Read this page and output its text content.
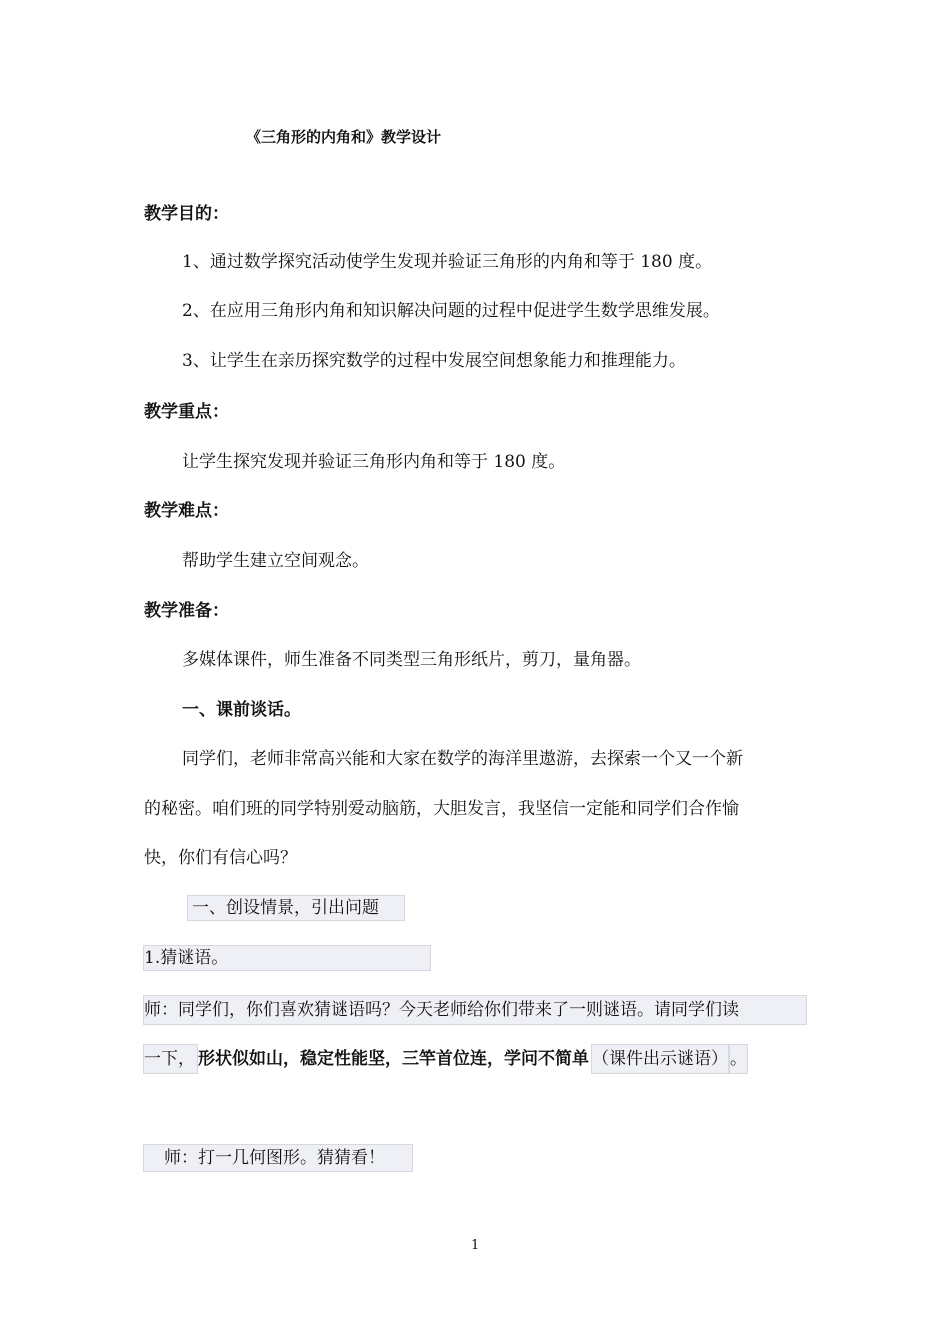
《三角形的内角和》教学设计
教学目的：
1、通过数学探究活动使学生发现并验证三角形的内角和等于 180 度。
2、在应用三角形内角和知识解决问题的过程中促进学生数学思维发展。
3、让学生在亲历探究数学的过程中发展空间想象能力和推理能力。
教学重点：
让学生探究发现并验证三角形内角和等于 180 度。
教学难点：
帮助学生建立空间观念。
教学准备：
多媒体课件，师生准备不同类型三角形纸片，剪刀，量角器。
一、课前谈话。
同学们，老师非常高兴能和大家在数学的海洋里遨游，去探索一个又一个新
的秘密。咱们班的同学特别爱动脑筋，大胆发言，我坚信一定能和同学们合作愉
快，你们有信心吗？
一、创设情景，引出问题
1.猜谜语。
师：同学们，你们喜欢猜谜语吗？今天老师给你们带来了一则谜语。请同学们读
一下， 形状似如山，稳定性能坚，三竿首位连，学问不简单 （课件出示谜语） 。
师：打一几何图形。猜猜看！
1
